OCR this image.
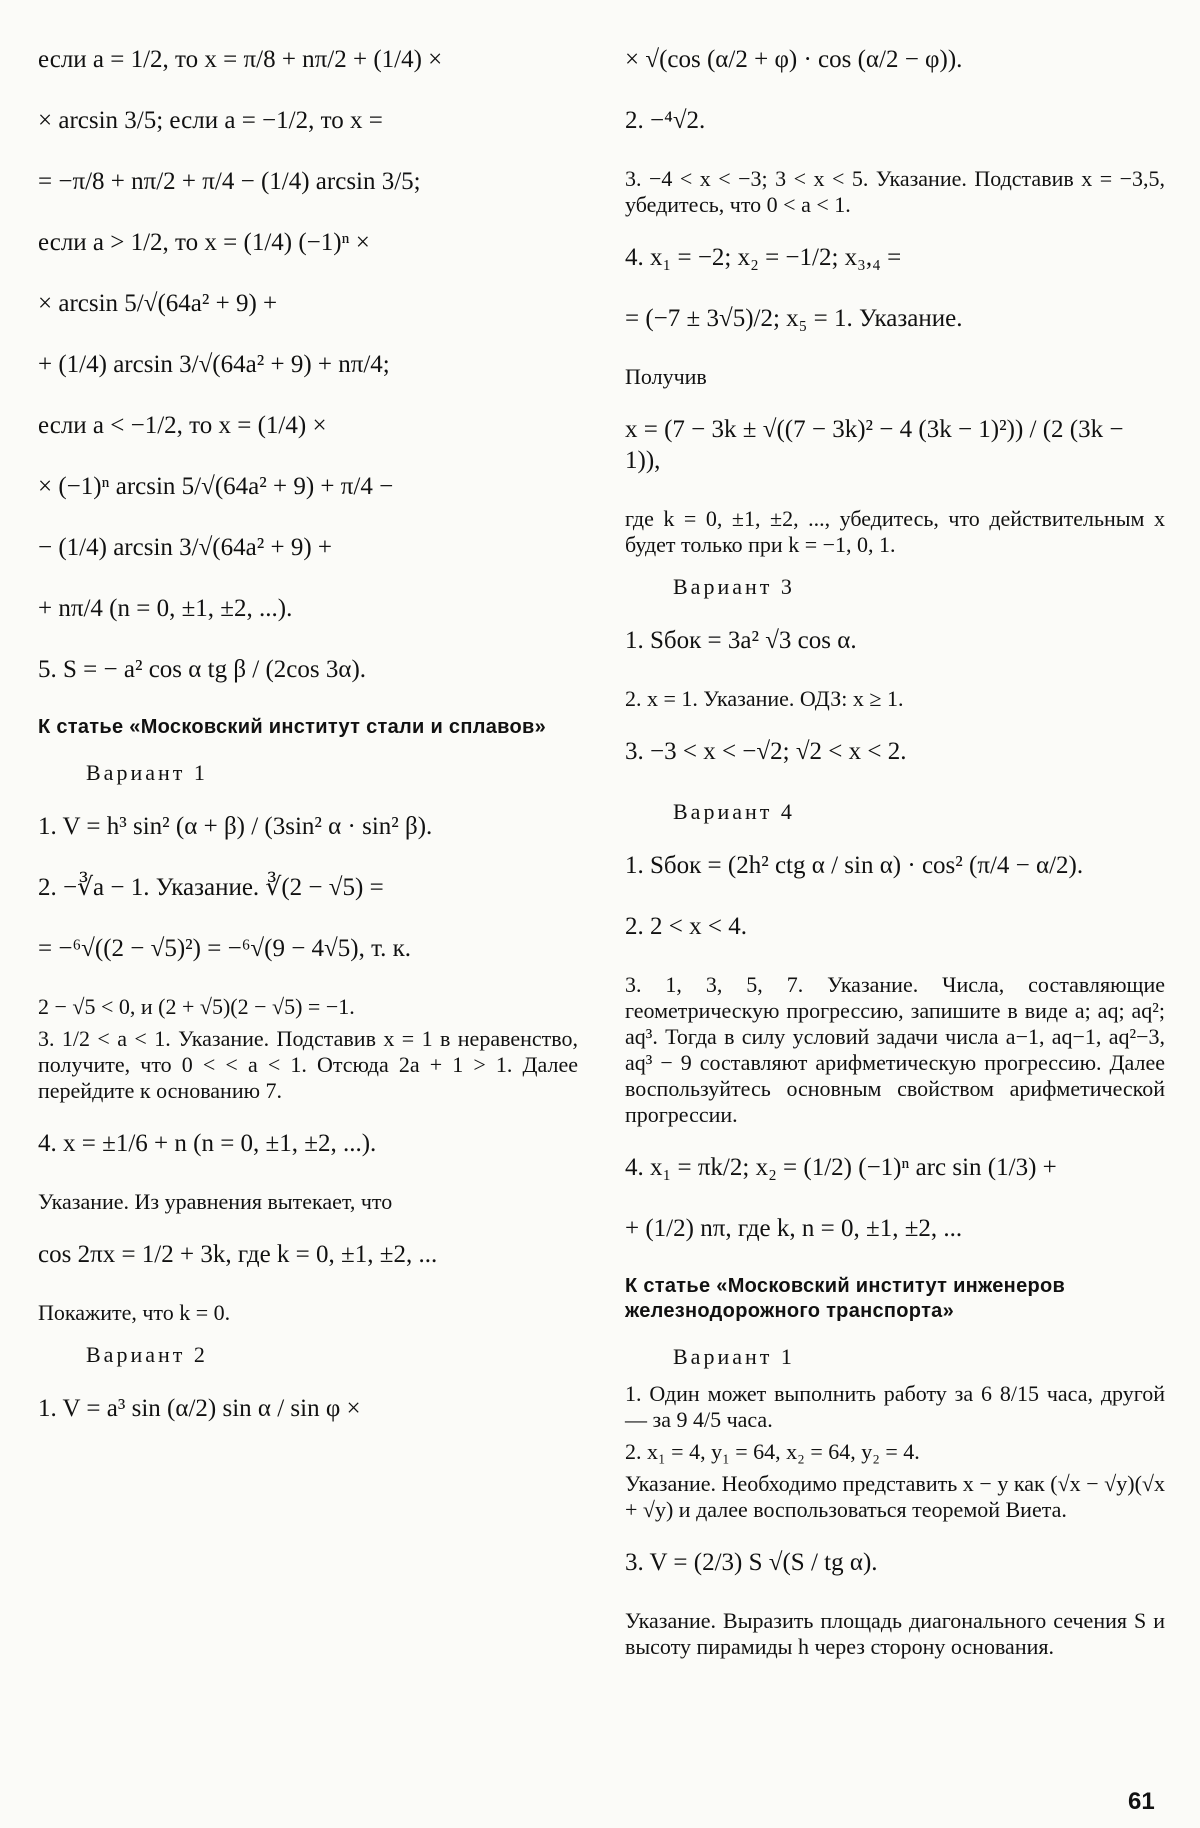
если a = 1/2, то x = π/8 + nπ/2 + (1/4) ×
× arcsin 3/5; если a = −1/2, то x =
= −π/8 + nπ/2 + π/4 − (1/4) arcsin 3/5;
если a > 1/2, то x = (1/4) (−1)ⁿ ×
× arcsin 5/√(64a² + 9) +
+ (1/4) arcsin 3/√(64a² + 9) + nπ/4;
если a < −1/2, то x = (1/4) ×
× (−1)ⁿ arcsin 5/√(64a² + 9) + π/4 −
− (1/4) arcsin 3/√(64a² + 9) +
+ nπ/4 (n = 0, ±1, ±2, ...).
5. S = − a² cos α tg β / (2cos 3α).
К статье «Московский институт стали и сплавов»
Вариант 1
1. V = h³ sin² (α + β) / (3sin² α · sin² β).
2. −∛a − 1. Указание. ∛(2 − √5) =
= −⁶√((2 − √5)²) = −⁶√(9 − 4√5), т. к.
2 − √5 < 0, и (2 + √5)(2 − √5) = −1.
3. 1/2 < a < 1. Указание. Подставив x = 1 в неравенство, получите, что 0 < < a < 1. Отсюда 2a + 1 > 1. Далее перейдите к основанию 7.
4. x = ±1/6 + n (n = 0, ±1, ±2, ...).
Указание. Из уравнения вытекает, что
cos 2πx = 1/2 + 3k, где k = 0, ±1, ±2, ...
Покажите, что k = 0.
Вариант 2
1. V = a³ sin (α/2) sin α / sin φ ×
× √(cos (α/2 + φ) · cos (α/2 − φ)).
2. −⁴√2.
3. −4 < x < −3; 3 < x < 5. Указание. Подставив x = −3,5, убедитесь, что 0 < a < 1.
4. x₁ = −2; x₂ = −1/2; x₃,₄ =
= (−7 ± 3√5)/2; x₅ = 1. Указание.
Получив
x = (7 − 3k ± √((7 − 3k)² − 4 (3k − 1)²)) / (2 (3k − 1)),
где k = 0, ±1, ±2, ..., убедитесь, что действительным x будет только при k = −1, 0, 1.
Вариант 3
1. Sбок = 3a² √3 cos α.
2. x = 1. Указание. ОДЗ: x ≥ 1.
3. −3 < x < −√2; √2 < x < 2.
Вариант 4
1. Sбок = (2h² ctg α / sin α) · cos² (π/4 − α/2).
2. 2 < x < 4.
3. 1, 3, 5, 7. Указание. Числа, составляющие геометрическую прогрессию, запишите в виде a; aq; aq²; aq³. Тогда в силу условий задачи числа a−1, aq−1, aq²−3, aq³ − 9 составляют арифметическую прогрессию. Далее воспользуйтесь основным свойством арифметической прогрессии.
4. x₁ = πk/2; x₂ = (1/2) (−1)ⁿ arc sin (1/3) +
+ (1/2) nπ, где k, n = 0, ±1, ±2, ...
К статье «Московский институт инженеров железнодорожного транспорта»
Вариант 1
1. Один может выполнить работу за 6 8/15 часа, другой — за 9 4/5 часа.
2. x₁ = 4, y₁ = 64, x₂ = 64, y₂ = 4.
Указание. Необходимо представить x − y как (√x − √y)(√x + √y) и далее воспользоваться теоремой Виета.
3. V = (2/3) S √(S / tg α).
Указание. Выразить площадь диагонального сечения S и высоту пирамиды h через сторону основания.
61
